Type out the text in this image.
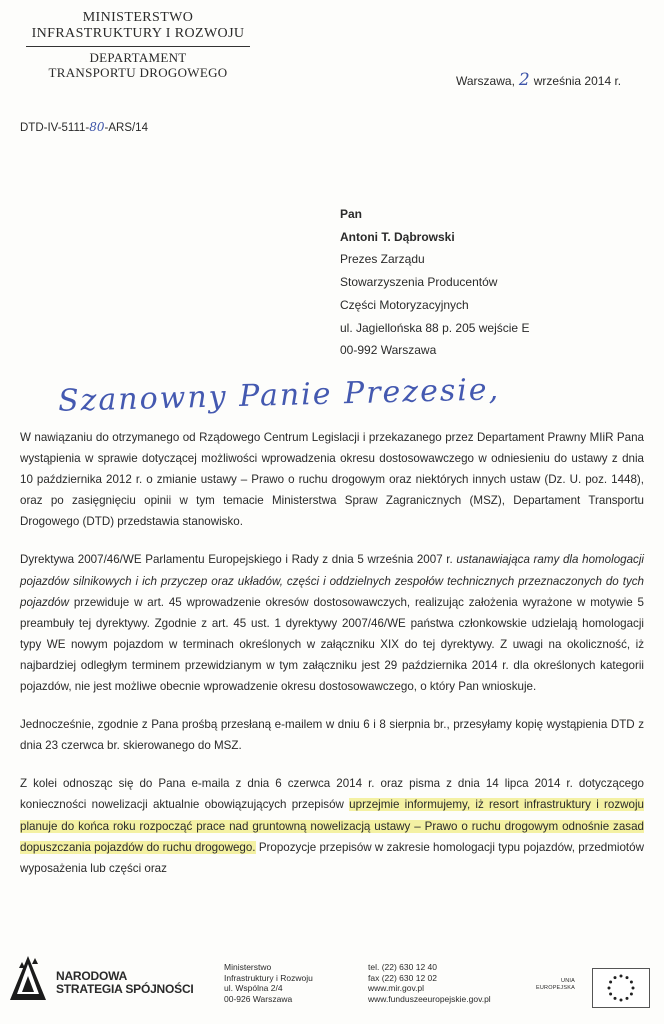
MINISTERSTWO
INFRASTRUKTURY I ROZWOJU
DEPARTAMENT
TRANSPORTU DROGOWEGO
Warszawa, 2 września 2014 r.
DTD-IV-5111-80-ARS/14
Pan
Antoni T. Dąbrowski
Prezes Zarządu
Stowarzyszenia Producentów
Części Motoryzacyjnych
ul. Jagiellońska 88 p. 205 wejście E
00-992 Warszawa
Szanowny Panie Prezesie,

W nawiązaniu do otrzymanego od Rządowego Centrum Legislacji i przekazanego przez Departament Prawny MIiR Pana wystąpienia w sprawie dotyczącej możliwości wprowadzenia okresu dostosowawczego w odniesieniu do ustawy z dnia 10 października 2012 r. o zmianie ustawy – Prawo o ruchu drogowym oraz niektórych innych ustaw (Dz. U. poz. 1448), oraz po zasięgnięciu opinii w tym temacie Ministerstwa Spraw Zagranicznych (MSZ), Departament Transportu Drogowego (DTD) przedstawia stanowisko.

Dyrektywa 2007/46/WE Parlamentu Europejskiego i Rady z dnia 5 września 2007 r. ustanawiająca ramy dla homologacji pojazdów silnikowych i ich przyczep oraz układów, części i oddzielnych zespołów technicznych przeznaczonych do tych pojazdów przewiduje w art. 45 wprowadzenie okresów dostosowawczych, realizując założenia wyrażone w motywie 5 preambuły tej dyrektywy. Zgodnie z art. 45 ust. 1 dyrektywy 2007/46/WE państwa członkowskie udzielają homologacji typy WE nowym pojazdom w terminach określonych w załączniku XIX do tej dyrektywy. Z uwagi na okoliczność, iż najbardziej odległym terminem przewidzianym w tym załączniku jest 29 października 2014 r. dla określonych kategorii pojazdów, nie jest możliwe obecnie wprowadzenie okresu dostosowawczego, o który Pan wnioskuje.

Jednocześnie, zgodnie z Pana prośbą przesłaną e-mailem w dniu 6 i 8 sierpnia br., przesyłamy kopię wystąpienia DTD z dnia 23 czerwca br. skierowanego do MSZ.

Z kolei odnosząc się do Pana e-maila z dnia 6 czerwca 2014 r. oraz pisma z dnia 14 lipca 2014 r. dotyczącego konieczności nowelizacji aktualnie obowiązujących przepisów uprzejmie informujemy, iż resort infrastruktury i rozwoju planuje do końca roku rozpocząć prace nad gruntowną nowelizacją ustawy – Prawo o ruchu drogowym odnośnie zasad dopuszczania pojazdów do ruchu drogowego. Propozycje przepisów w zakresie homologacji typu pojazdów, przedmiotów wyposażenia lub części oraz

NARODOWA
STRATEGIA SPÓJNOŚCI
Ministerstwo
Infrastruktury i Rozwoju
ul. Wspólna 2/4
00-926 Warszawa
tel. (22) 630 12 40
fax (22) 630 12 02
www.mir.gov.pl
www.funduszeeuropejskie.gov.pl
UNIA
EUROPEJSKA
